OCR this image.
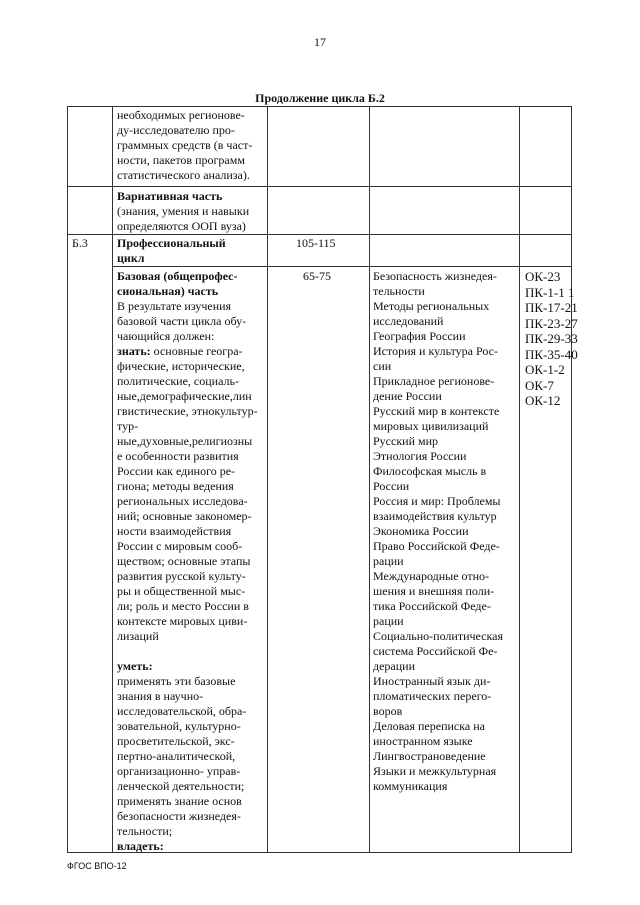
17
Продолжение цикла Б.2
необходимых регионове-
ду-исследователю про-
граммных средств (в част-
ности, пакетов программ
статистического анализа).
Вариативная часть
(знания, умения и навыки
определяются ООП вуза)
Б.3 Профессиональный
цикл
105-115
Базовая (общепрофес-
сиональная) часть
В результате изучения
базовой части цикла обу-
чающийся должен:
знать: основные геогра-
фические, исторические,
политические, социаль-
ные,демографические,лин
гвистические, этнокультур-
тур-
ные,духовные,религиозны
е особенности развития
России как единого ре-
гиона; методы ведения
региональных исследова-
ний; основные закономер-
ности взаимодействия
России с мировым сооб-
ществом; основные этапы
развития русской культу-
ры и общественной мыс-
ли; роль и место России в
контексте мировых циви-
лизаций
уметь:
применять эти базовые
знания в научно-
исследовательской, обра-
зовательной, культурно-
просветительской, экс-
пертно-аналитической,
организационно- управ-
ленческой деятельности;
применять знание основ
безопасности жизнедея-
тельности;
владеть:
65-75	Безопасность жизнедея-
тельности
Методы региональных
исследований
География России
История и культура Рос-
сии
Прикладное регионове-
дение России
Русский мир в контексте
мировых цивилизаций
Русский мир
Этнология России
Философская мысль в
России
Россия и мир: Проблемы
взаимодействия культур
Экономика России
Право Российской Феде-
рации
Международные отно-
шения и внешняя поли-
тика Российской Феде-
рации
Социально-политическая
система Российской Фе-
дерации
Иностранный язык ди-
пломатических перего-
воров
Деловая переписка на
иностранном языке
Лингвострановедение
Языки и межкультурная
коммуникация
ОК-23
ПК-1-1 1
ПК-17-21
ПК-23-27
ПК-29-33
ПК-35-40
ОК-1-2
ОК-7
ОК-12
ФГОС ВПО-12
